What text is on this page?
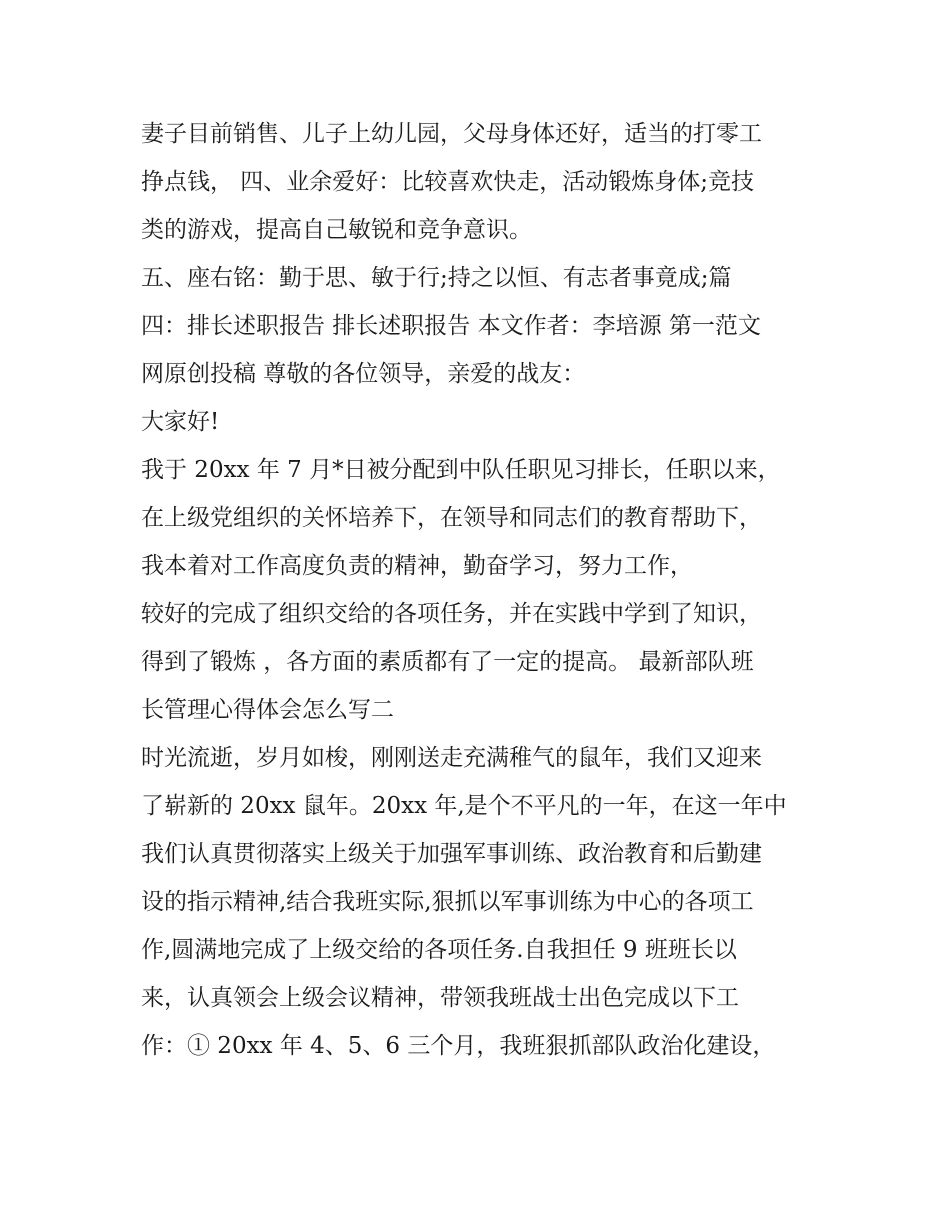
妻子目前销售、儿子上幼儿园，父母身体还好，适当的打零工
挣点钱， 四、业余爱好：比较喜欢快走，活动锻炼身体;竞技
类的游戏，提高自己敏锐和竞争意识。
五、座右铭：勤于思、敏于行;持之以恒、有志者事竟成;篇
四：排长述职报告 排长述职报告 本文作者：李培源 第一范文
网原创投稿 尊敬的各位领导，亲爱的战友：
大家好!
我于 20xx 年 7 月*日被分配到中队任职见习排长，任职以来，
在上级党组织的关怀培养下，在领导和同志们的教育帮助下，
我本着对工作高度负责的精神，勤奋学习，努力工作，
较好的完成了组织交给的各项任务，并在实践中学到了知识，
得到了锻炼 ，各方面的素质都有了一定的提高。 最新部队班
长管理心得体会怎么写二
时光流逝，岁月如梭，刚刚送走充满稚气的鼠年，我们又迎来
了崭新的 20xx 鼠年。20xx 年,是个不平凡的一年，在这一年中
我们认真贯彻落实上级关于加强军事训练、政治教育和后勤建
设的指示精神,结合我班实际,狠抓以军事训练为中心的各项工
作,圆满地完成了上级交给的各项任务.自我担任 9 班班长以
来，认真领会上级会议精神，带领我班战士出色完成以下工
作：① 20xx 年 4、5、6 三个月，我班狠抓部队政治化建设，
